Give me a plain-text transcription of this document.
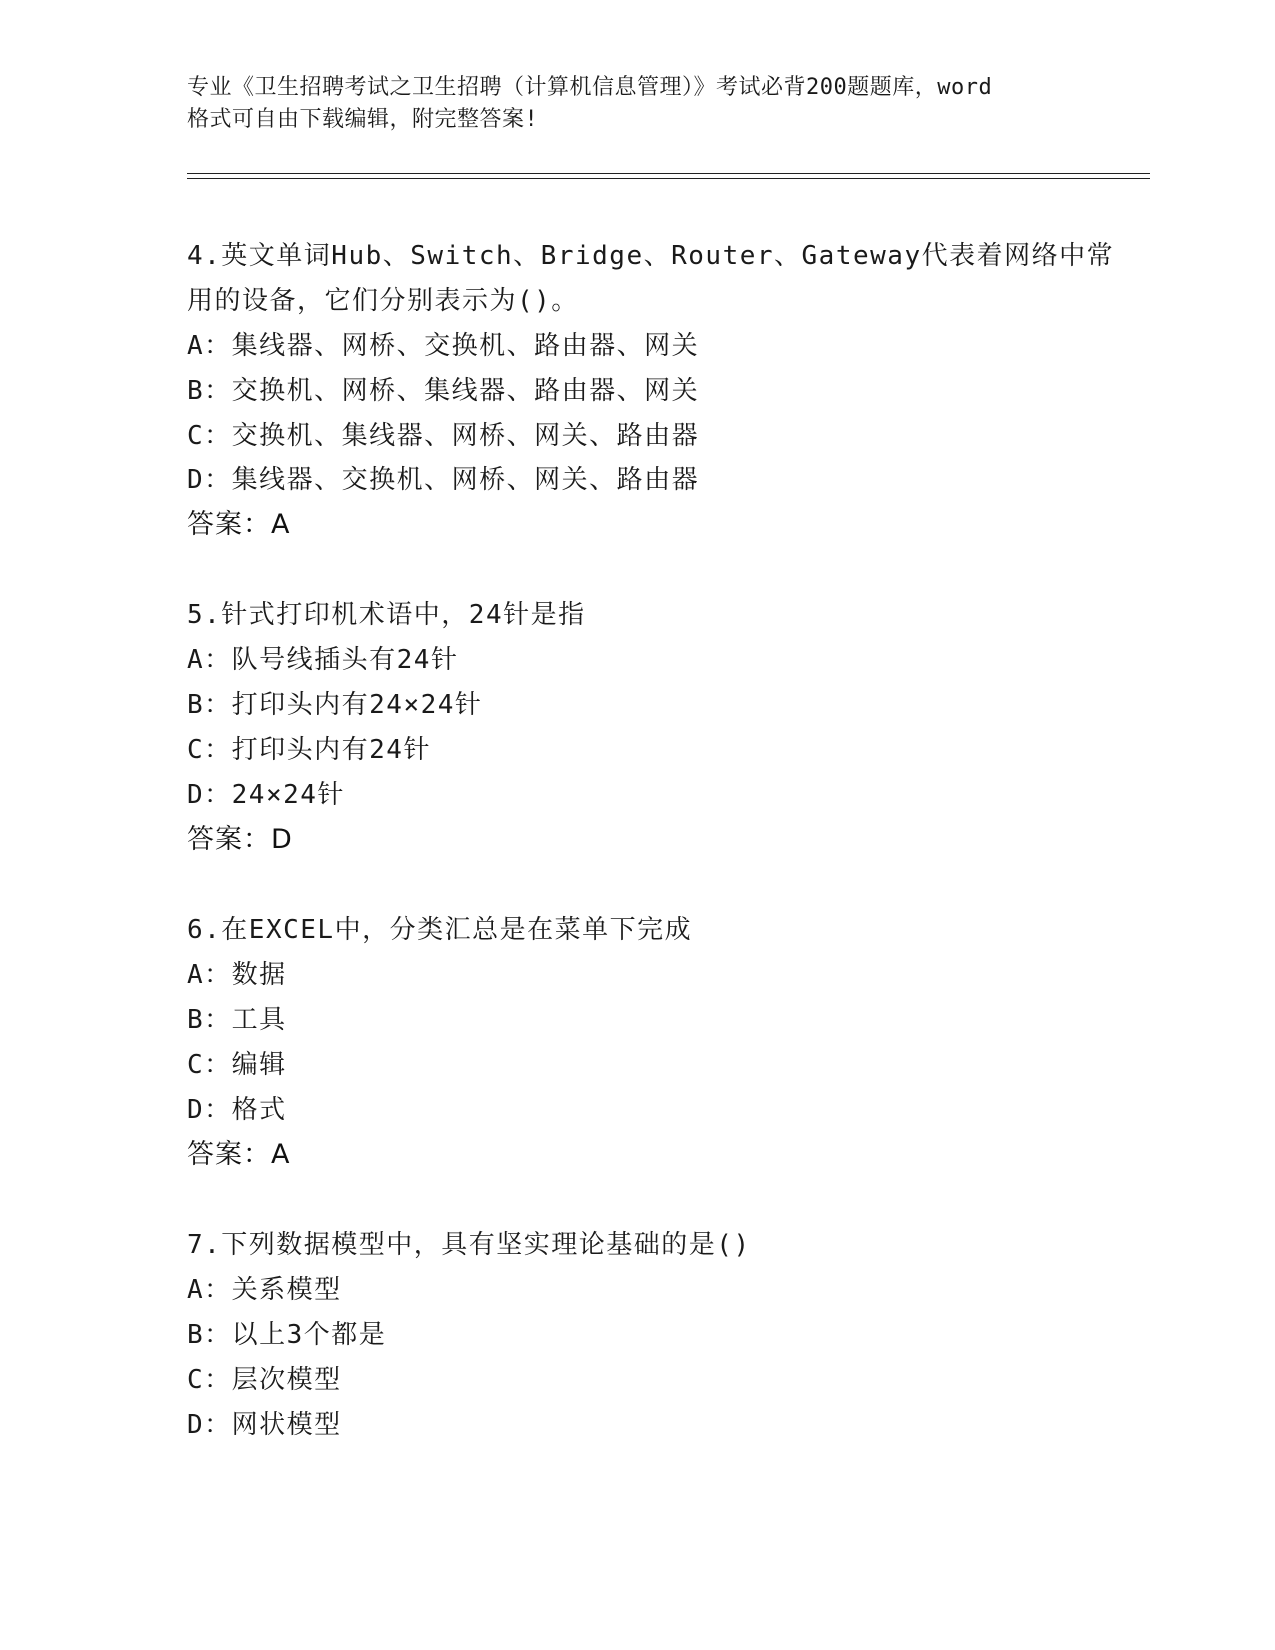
专业《卫生招聘考试之卫生招聘（计算机信息管理）》考试必背200题题库，word
格式可自由下载编辑，附完整答案!
4.英文单词Hub、Switch、Bridge、Router、Gateway代表着网络中常
用的设备，它们分别表示为()。
A：集线器、网桥、交换机、路由器、网关
B：交换机、网桥、集线器、路由器、网关
C：交换机、集线器、网桥、网关、路由器
D：集线器、交换机、网桥、网关、路由器
答案：A
5.针式打印机术语中，24针是指
A：队号线插头有24针
B：打印头内有24×24针
C：打印头内有24针
D：24×24针
答案：D
6.在EXCEL中，分类汇总是在菜单下完成
A：数据
B：工具
C：编辑
D：格式
答案：A
7.下列数据模型中，具有坚实理论基础的是()
A：关系模型
B：以上3个都是
C：层次模型
D：网状模型
